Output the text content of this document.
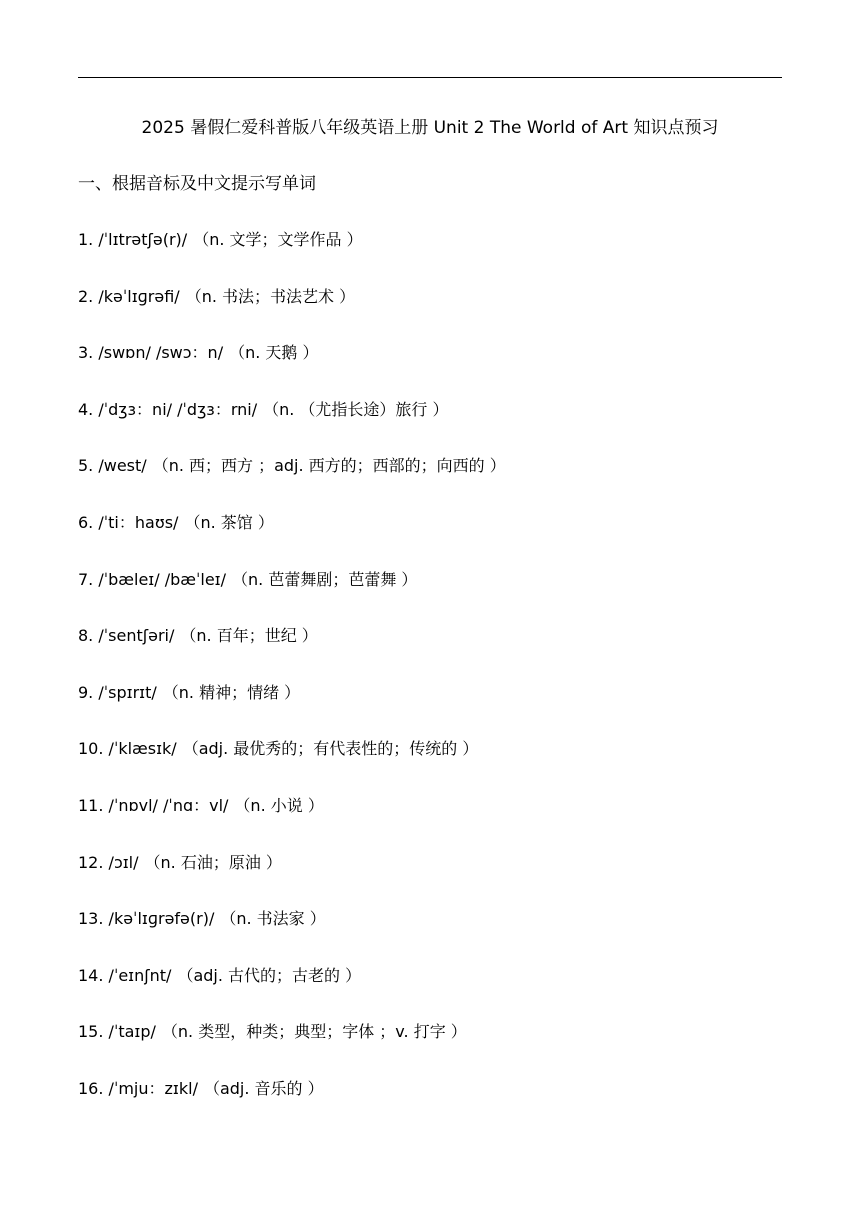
2025 暑假仁爱科普版八年级英语上册 Unit 2 The World of Art 知识点预习
一、根据音标及中文提示写单词
1. /ˈlɪtrətʃə(r)/ （n. 文学；文学作品 ）
2. /kəˈlɪɡrəfi/ （n. 书法；书法艺术 ）
3. /swɒn/ /swɔ：n/ （n. 天鹅 ）
4. /ˈdʒɜ：ni/ /ˈdʒɜ：rni/ （n. （尤指长途）旅行 ）
5. /west/ （n. 西；西方 ；adj. 西方的；西部的；向西的 ）
6. /ˈti：haʊs/ （n. 茶馆 ）
7. /ˈbæleɪ/ /bæˈleɪ/ （n. 芭蕾舞剧；芭蕾舞 ）
8. /ˈsentʃəri/ （n. 百年；世纪 ）
9. /ˈspɪrɪt/ （n. 精神；情绪 ）
10. /ˈklæsɪk/ （adj. 最优秀的；有代表性的；传统的 ）
11. /ˈnɒvl/ /ˈnɑ：vl/ （n. 小说 ）
12. /ɔɪl/ （n. 石油；原油 ）
13. /kəˈlɪɡrəfə(r)/ （n. 书法家 ）
14. /ˈeɪnʃnt/ （adj. 古代的；古老的 ）
15. /ˈtaɪp/ （n. 类型，种类；典型；字体 ；v. 打字 ）
16. /ˈmju：zɪkl/ （adj. 音乐的 ）
